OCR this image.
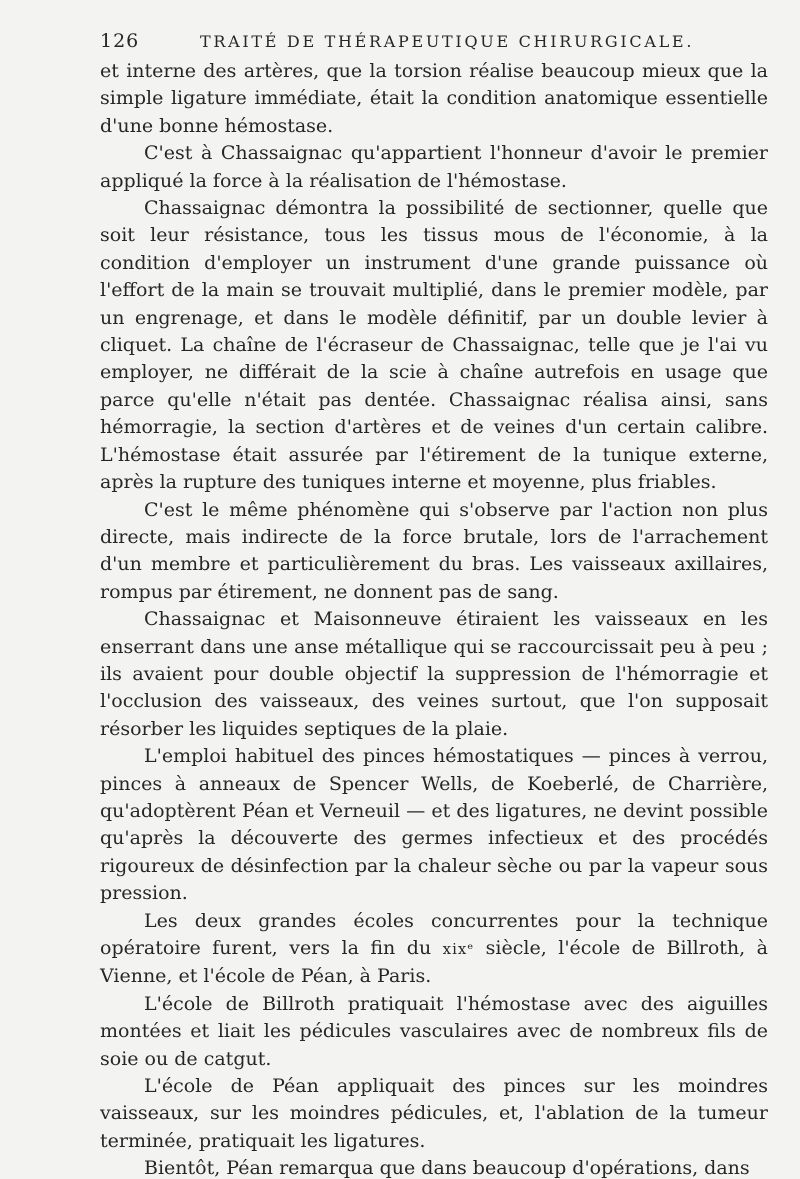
126	TRAITÉ DE THÉRAPEUTIQUE CHIRURGICALE.

et interne des artères, que la torsion réalise beaucoup mieux que la simple ligature immédiate, était la condition anatomique essentielle d'une bonne hémostase.

C'est à Chassaignac qu'appartient l'honneur d'avoir le premier appliqué la force à la réalisation de l'hémostase.

Chassaignac démontra la possibilité de sectionner, quelle que soit leur résistance, tous les tissus mous de l'économie, à la condition d'employer un instrument d'une grande puissance où l'effort de la main se trouvait multiplié, dans le premier modèle, par un engrenage, et dans le modèle définitif, par un double levier à cliquet. La chaîne de l'écraseur de Chassaignac, telle que je l'ai vu employer, ne différait de la scie à chaîne autrefois en usage que parce qu'elle n'était pas dentée. Chassaignac réalisa ainsi, sans hémorragie, la section d'artères et de veines d'un certain calibre. L'hémostase était assurée par l'étirement de la tunique externe, après la rupture des tuniques interne et moyenne, plus friables.

C'est le même phénomène qui s'observe par l'action non plus directe, mais indirecte de la force brutale, lors de l'arrachement d'un membre et particulièrement du bras. Les vaisseaux axillaires, rompus par étirement, ne donnent pas de sang.

Chassaignac et Maisonneuve étiraient les vaisseaux en les enserrant dans une anse métallique qui se raccourcissait peu à peu ; ils avaient pour double objectif la suppression de l'hémorragie et l'occlusion des vaisseaux, des veines surtout, que l'on supposait résorber les liquides septiques de la plaie.

L'emploi habituel des pinces hémostatiques — pinces à verrou, pinces à anneaux de Spencer Wells, de Koeberlé, de Charrière, qu'adoptèrent Péan et Verneuil — et des ligatures, ne devint possible qu'après la découverte des germes infectieux et des procédés rigoureux de désinfection par la chaleur sèche ou par la vapeur sous pression.

Les deux grandes écoles concurrentes pour la technique opératoire furent, vers la fin du xixᵉ siècle, l'école de Billroth, à Vienne, et l'école de Péan, à Paris.

L'école de Billroth pratiquait l'hémostase avec des aiguilles montées et liait les pédicules vasculaires avec de nombreux fils de soie ou de catgut.

L'école de Péan appliquait des pinces sur les moindres vaisseaux, sur les moindres pédicules, et, l'ablation de la tumeur terminée, pratiquait les ligatures.

Bientôt, Péan remarqua que dans beaucoup d'opérations, dans
